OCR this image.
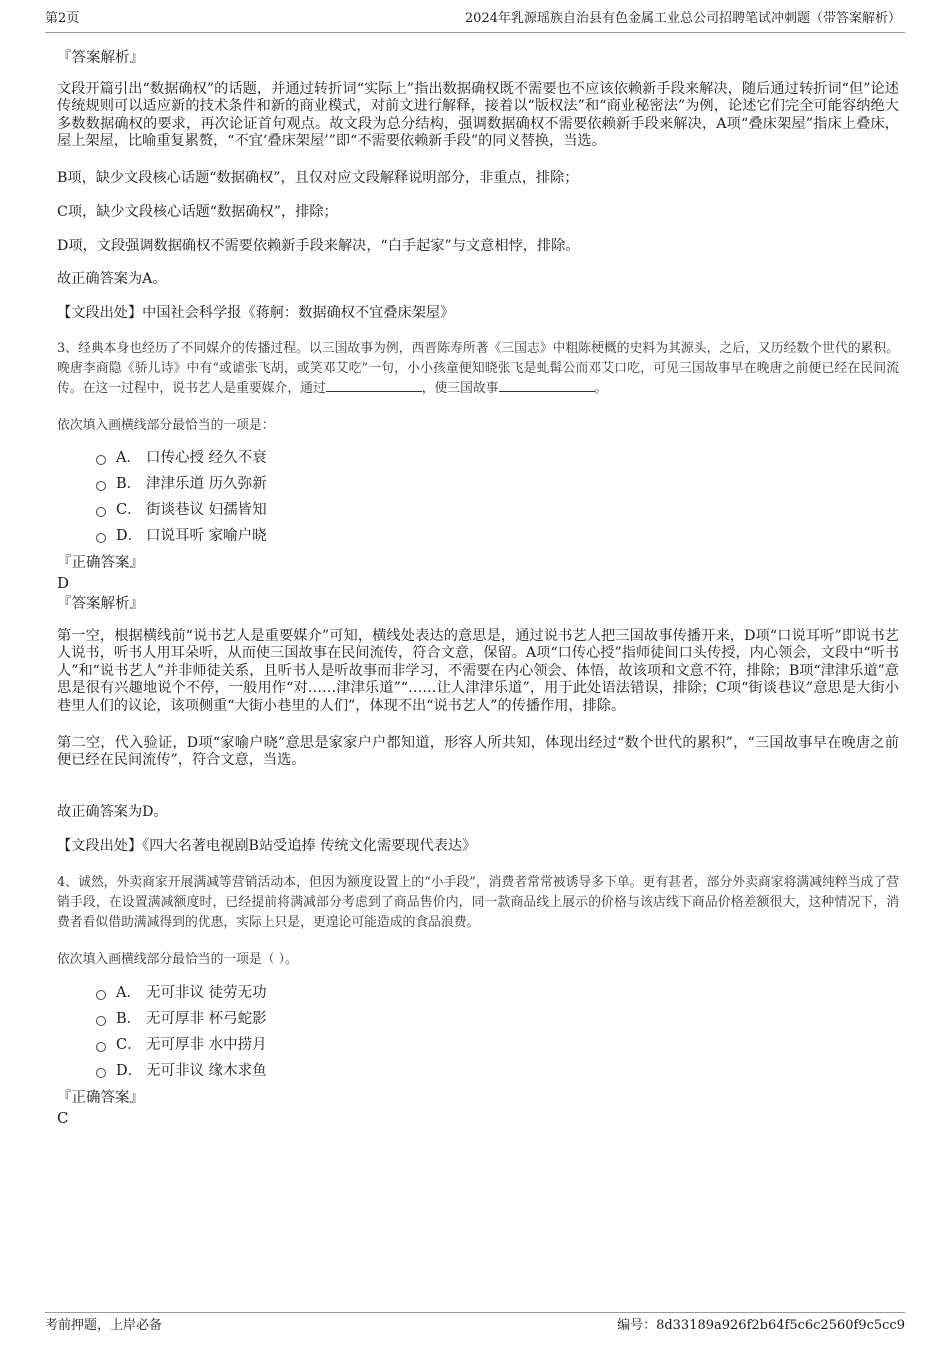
第2页	2024年乳源瑶族自治县有色金属工业总公司招聘笔试冲刺题（带答案解析）
『答案解析』
文段开篇引出“数据确权”的话题，并通过转折词“实际上”指出数据确权既不需要也不应该依赖新手段来解决，随后通过转折词“但”论述传统规则可以适应新的技术条件和新的商业模式，对前文进行解释，接着以“版权法”和“商业秘密法”为例，论述它们完全可能容纳绝大多数数据确权的要求，再次论证首句观点。故文段为总分结构，强调数据确权不需要依赖新手段来解决，A项“叠床架屋”指床上叠床，屋上架屋，比喻重复累赘，“不宜‘叠床架屋’”即“不需要依赖新手段”的同义替换，当选。
B项，缺少文段核心话题“数据确权”，且仅对应文段解释说明部分，非重点，排除；
C项，缺少文段核心话题“数据确权”，排除；
D项，文段强调数据确权不需要依赖新手段来解决，“白手起家”与文意相悖，排除。
故正确答案为A。
【文段出处】中国社会科学报《蒋舸：数据确权不宜叠床架屋》
3、经典本身也经历了不同媒介的传播过程。以三国故事为例，西晋陈寿所著《三国志》中粗陈梗概的史料为其源头，之后，又历经数个世代的累积。晚唐李商隐《骄儿诗》中有“或谑张飞胡，或笑邓艾吃”一句，小小孩童便知晓张飞是虬髯公而邓艾口吃，可见三国故事早在晚唐之前便已经在民间流传。在这一过程中，说书艺人是重要媒介，通过	，使三国故事	。
依次填入画横线部分最恰当的一项是：
A． 口传心授 经久不衰
B． 津津乐道 历久弥新
C． 街谈巷议 妇孺皆知
D． 口说耳听 家喻户晓
『正确答案』
D
『答案解析』
第一空，根据横线前“说书艺人是重要媒介”可知，横线处表达的意思是，通过说书艺人把三国故事传播开来，D项“口说耳听”即说书艺人说书，听书人用耳朵听，从而使三国故事在民间流传，符合文意，保留。A项“口传心授”指师徒间口头传授，内心领会，文段中“听书人”和“说书艺人”并非师徒关系，且听书人是听故事而非学习，不需要在内心领会、体悟，故该项和文意不符，排除；B项“津津乐道”意思是很有兴趣地说个不停，一般用作“对……津津乐道”“……让人津津乐道”，用于此处语法错误，排除；C项“街谈巷议”意思是大街小巷里人们的议论，该项侧重“大街小巷里的人们”，体现不出“说书艺人”的传播作用，排除。
第二空，代入验证，D项“家喻户晓”意思是家家户户都知道，形容人所共知，体现出经过“数个世代的累积”，“三国故事早在晚唐之前便已经在民间流传”，符合文意，当选。
故正确答案为D。
【文段出处】《四大名著电视剧B站受追捧 传统文化需要现代表达》
4、诚然，外卖商家开展满减等营销活动本，但因为额度设置上的“小手段”，消费者常常被诱导多下单。更有甚者，部分外卖商家将满减纯粹当成了营销手段，在设置满减额度时，已经提前将满减部分考虑到了商品售价内，同一款商品线上展示的价格与该店线下商品价格差额很大，这种情况下，消费者看似借助满减得到的优惠，实际上只是，更遑论可能造成的食品浪费。
依次填入画横线部分最恰当的一项是（ ）。
A． 无可非议 徒劳无功
B． 无可厚非 杯弓蛇影
C． 无可厚非 水中捞月
D． 无可非议 缘木求鱼
『正确答案』
C
考前押题，上岸必备	编号：8d33189a926f2b64f5c6c2560f9c5cc9
